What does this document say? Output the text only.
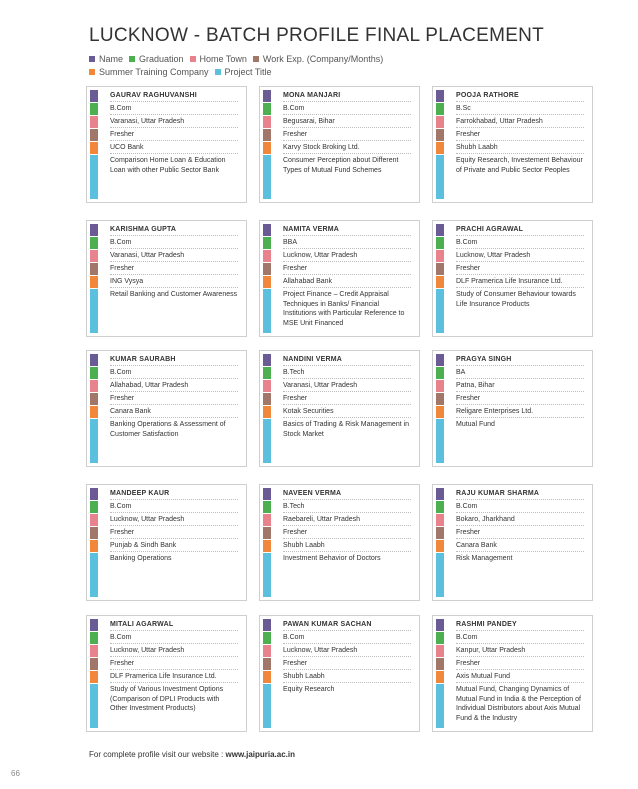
LUCKNOW - BATCH PROFILE FINAL PLACEMENT
Name Graduation Home Town Work Exp. (Company/Months)
Summer Training Company Project Title
GAURAV RAGHUVANSHI
B.Com
Varanasi, Uttar Pradesh
Fresher
UCO Bank
Comparison Home Loan & Education Loan with other Public Sector Bank
MONA MANJARI
B.Com
Begusarai, Bihar
Fresher
Karvy Stock Broking Ltd.
Consumer Perception about Different Types of Mutual Fund Schemes
POOJA RATHORE
B.Sc
Farrokhabad, Uttar Pradesh
Fresher
Shubh Laabh
Equity Research, Investement Behaviour of Private and Public Sector Peoples
KARISHMA GUPTA
B.Com
Varanasi, Uttar Pradesh
Fresher
ING Vysya
Retail Banking and Customer Awareness
NAMITA VERMA
BBA
Lucknow, Uttar Pradesh
Fresher
Allahabad Bank
Project Finance – Credit Appraisal Techniques in Banks/ Financial Institutions with Particular Reference to MSE Unit Financed
PRACHI AGRAWAL
B.Com
Lucknow, Uttar Pradesh
Fresher
DLF Pramerica Life Insurance Ltd.
Study of Consumer Behaviour towards Life Insurance Products
KUMAR SAURABH
B.Com
Allahabad, Uttar Pradesh
Fresher
Canara Bank
Banking Operations & Assessment of Customer Satisfaction
NANDINI VERMA
B.Tech
Varanasi, Uttar Pradesh
Fresher
Kotak Securities
Basics of Trading & Risk Management in Stock Market
PRAGYA SINGH
BA
Patna, Bihar
Fresher
Religare Enterprises Ltd.
Mutual Fund
MANDEEP KAUR
B.Com
Lucknow, Uttar Pradesh
Fresher
Punjab & Sindh Bank
Banking Operations
NAVEEN VERMA
B.Tech
Raebareli, Uttar Pradesh
Fresher
Shubh Laabh
Investment Behavior of Doctors
RAJU KUMAR SHARMA
B.Com
Bokaro, Jharkhand
Fresher
Canara Bank
Risk Management
MITALI AGARWAL
B.Com
Lucknow, Uttar Pradesh
Fresher
DLF Pramerica Life Insurance Ltd.
Study of Various Investment Options (Comparison of DPLI Products with Other Investment Products)
PAWAN KUMAR SACHAN
B.Com
Lucknow, Uttar Pradesh
Fresher
Shubh Laabh
Equity Research
RASHMI PANDEY
B.Com
Kanpur, Uttar Pradesh
Fresher
Axis Mutual Fund
Mutual Fund, Changing Dynamics of Mutual Fund in India & the Perception of Individual Distributors about Axis Mutual Fund & the Industry
For complete profile visit our website : www.jaipuria.ac.in
66
